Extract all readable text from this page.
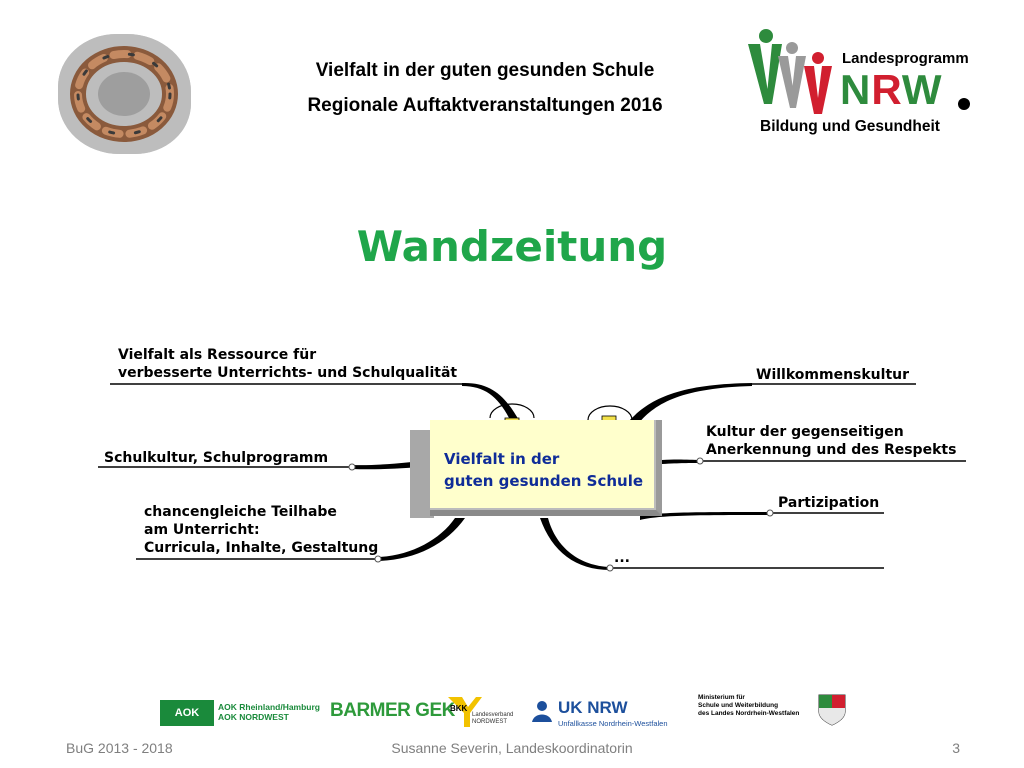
Vielfalt in der guten gesunden Schule
Regionale Auftaktveranstaltungen 2016
Landesprogramm
NRW
Bildung und Gesundheit
Wandzeitung
Vielfalt in der
guten gesunden Schule
Vielfalt als Ressource für
verbesserte Unterrichts- und Schulqualität
Schulkultur, Schulprogramm
chancengleiche Teilhabe
am Unterricht:
Curricula, Inhalte, Gestaltung
Willkommenskultur
Kultur der gegenseitigen
Anerkennung und des Respekts
Partizipation
...
AOK	AOK Rheinland/Hamburg
AOK NORDWEST	BARMER GEK
BKK
Landesverband
NORDWEST
UK NRW
Unfallkasse Nordrhein-Westfalen
Ministerium für
Schule und Weiterbildung
des Landes Nordrhein-Westfalen
BuG 2013 - 2018	Susanne Severin, Landeskoordinatorin	3
